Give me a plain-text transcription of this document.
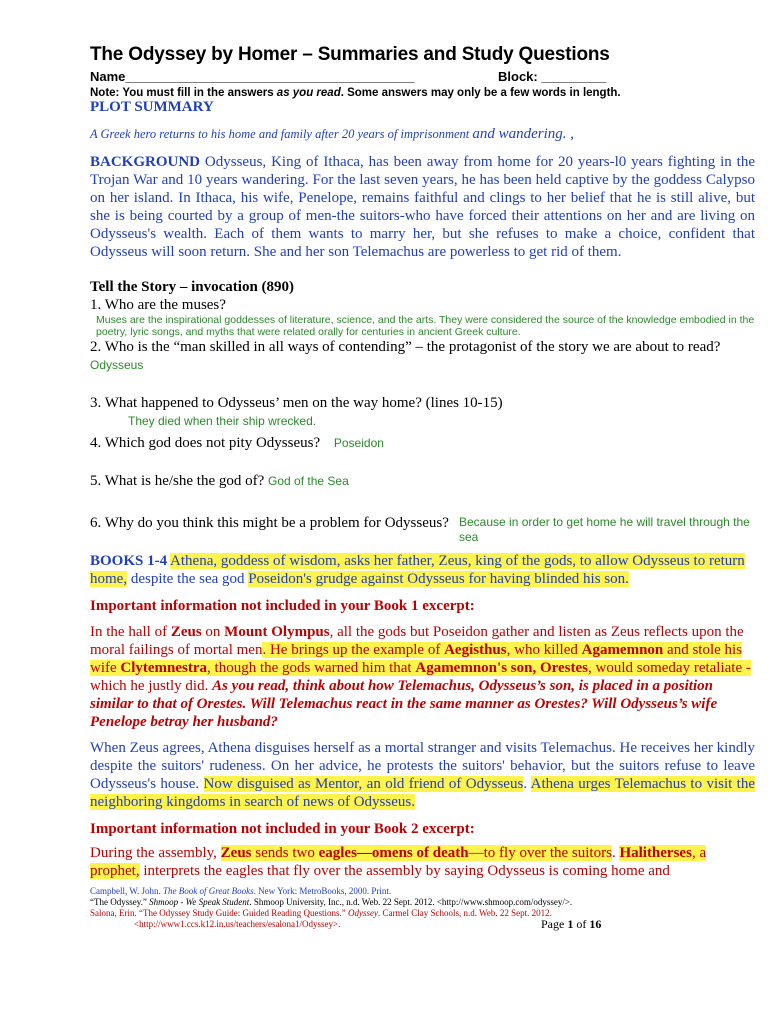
The Odyssey by Homer – Summaries and Study Questions
Name________________________________________	Block: _________
Note: You must fill in the answers as you read. Some answers may only be a few words in length.
PLOT SUMMARY
A Greek hero returns to his home and family after 20 years of imprisonment and wandering. ,

BACKGROUND Odysseus, King of Ithaca, has been away from home for 20 years-l0 years fighting in the Trojan War and 10 years wandering. For the last seven years, he has been held captive by the goddess Calypso on her island. In Ithaca, his wife, Penelope, remains faithful and clings to her belief that he is still alive, but she is being courted by a group of men-the suitors-who have forced their attentions on her and are living on Odysseus's wealth. Each of them wants to marry her, but she refuses to make a choice, confident that Odysseus will soon return. She and her son Telemachus are powerless to get rid of them.

Tell the Story – invocation (890)

1. Who are the muses?

Muses are the inspirational goddesses of literature, science, and the arts. They were considered the source of the knowledge embodied in the poetry, lyric songs, and myths that were related orally for centuries in ancient Greek culture.

2. Who is the “man skilled in all ways of contending” – the protagonist of the story we are about to read? Odysseus

3. What happened to Odysseus’ men on the way home? (lines 10-15)

They died when their ship wrecked.

4. Which god does not pity Odysseus? Poseidon

5. What is he/she the god of? God of the Sea

6. Why do you think this might be a problem for Odysseus? Because in order to get home he will travel through the sea

BOOKS 1-4 Athena, goddess of wisdom, asks her father, Zeus, king of the gods, to allow Odysseus to return home, despite the sea god Poseidon's grudge against Odysseus for having blinded his son.

Important information not included in your Book 1 excerpt:

In the hall of Zeus on Mount Olympus, all the gods but Poseidon gather and listen as Zeus reflects upon the moral failings of mortal men. He brings up the example of Aegisthus, who killed Agamemnon and stole his wife Clytemnestra, though the gods warned him that Agamemnon's son, Orestes, would someday retaliate - which he justly did. As you read, think about how Telemachus, Odysseus’s son, is placed in a position similar to that of Orestes. Will Telemachus react in the same manner as Orestes? Will Odysseus’s wife Penelope betray her husband?

When Zeus agrees, Athena disguises herself as a mortal stranger and visits Telemachus. He receives her kindly despite the suitors' rudeness. On her advice, he protests the suitors' behavior, but the suitors refuse to leave Odysseus's house. Now disguised as Mentor, an old friend of Odysseus. Athena urges Telemachus to visit the neighboring kingdoms in search of news of Odysseus.

Important information not included in your Book 2 excerpt:

During the assembly, Zeus sends two eagles—omens of death—to fly over the suitors. Halitherses, a prophet, interprets the eagles that fly over the assembly by saying Odysseus is coming home and

Campbell, W. John. The Book of Great Books. New York: MetroBooks, 2000. Print.
“The Odyssey.” Shmoop - We Speak Student. Shmoop University, Inc., n.d. Web. 22 Sept. 2012. <http://www.shmoop.com/odyssey/>.
Salona, Erin. “The Odyssey Study Guide: Guided Reading Questions.” Odyssey. Carmel Clay Schools, n.d. Web. 22 Sept. 2012.
<http://www1.ccs.k12.in.us/teachers/esalona1/Odyssey>.	Page 1 of 16
